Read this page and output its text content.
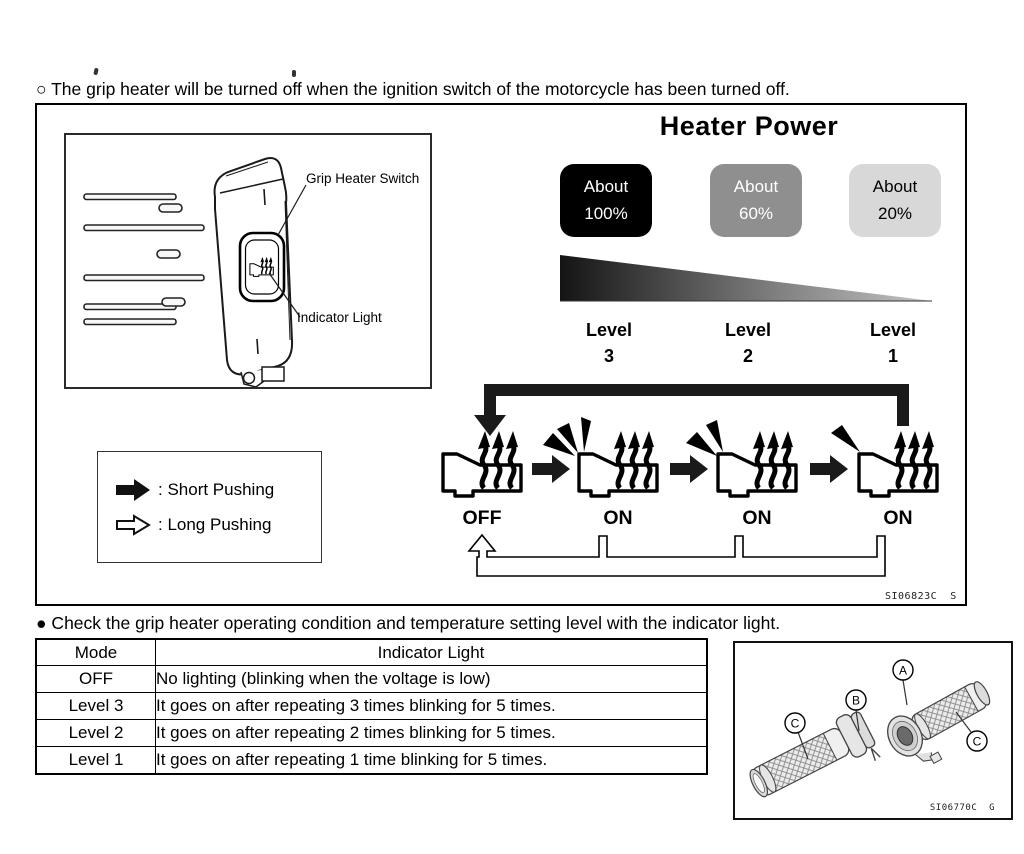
○ The grip heater will be turned off when the ignition switch of the motorcycle has been turned off.
Grip Heater Switch
Indicator Light
Heater Power
About
100%
About
60%
About
20%
Level
3
Level
2
Level
1
OFF	ON	ON	ON
: Short Pushing
: Long Pushing
SI06823C  S
● Check the grip heater operating condition and temperature setting level with the indicator light.
Mode	Indicator Light
OFF	No lighting (blinking when the voltage is low)
Level 3	It goes on after repeating 3 times blinking for 5 times.
Level 2	It goes on after repeating 2 times blinking for 5 times.
Level 1	It goes on after repeating 1 time blinking for 5 times.
A
B
C
C
SI06770C  G
